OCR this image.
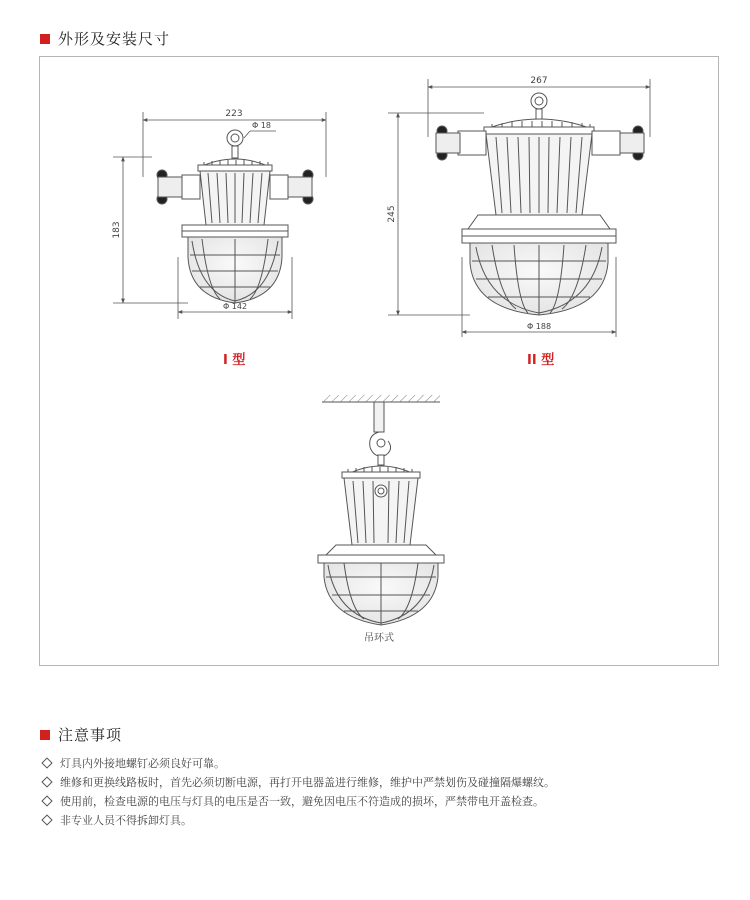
外形及安装尺寸
223
183
Φ 18
Φ 142
267
245
Φ 188
吊环式
I 型	II 型
注意事项
灯具内外接地螺钉必须良好可靠。
维修和更换线路板时，首先必须切断电源，再打开电器盖进行维修，维护中严禁划伤及碰撞隔爆螺纹。
使用前，检查电源的电压与灯具的电压是否一致，避免因电压不符造成的损坏，严禁带电开盖检查。
非专业人员不得拆卸灯具。
